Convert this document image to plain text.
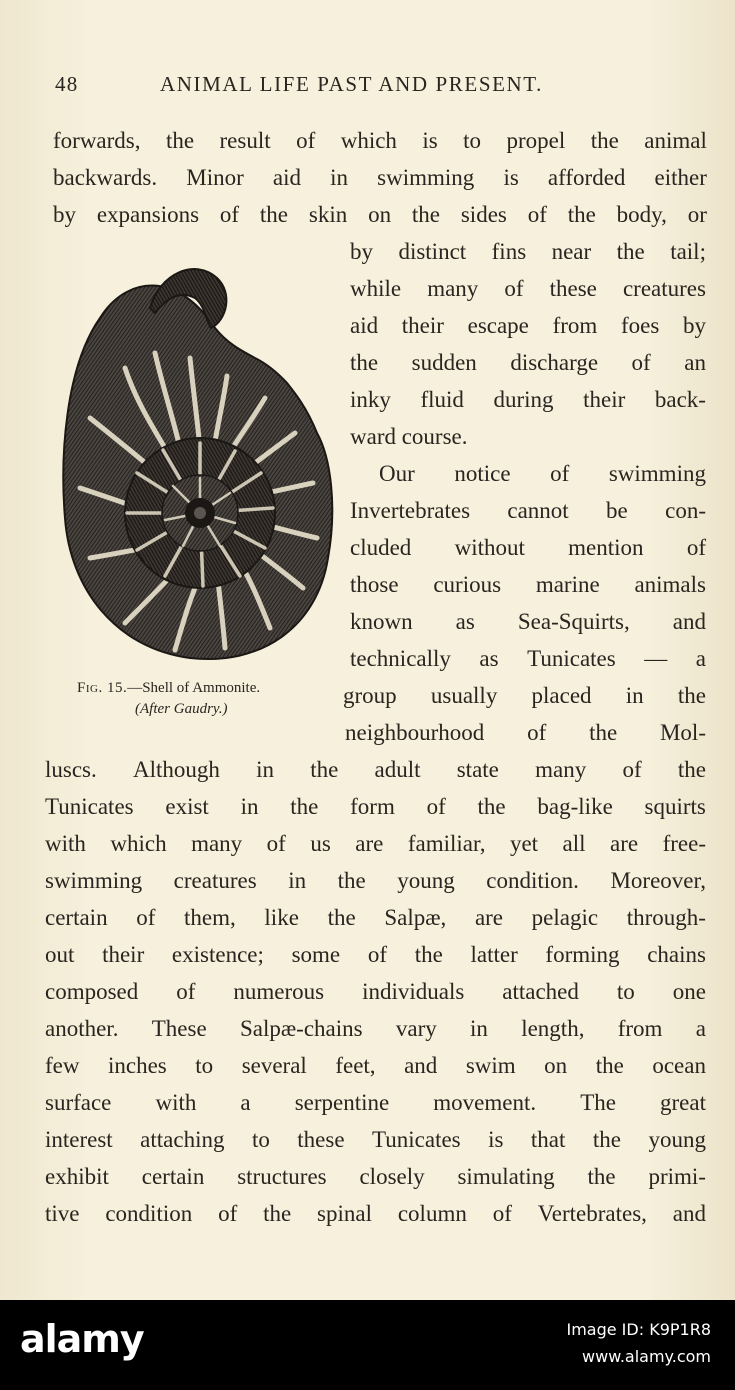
48	ANIMAL LIFE PAST AND PRESENT.
forwards, the result of which is to propel the animal
backwards. Minor aid in swimming is afforded either
by expansions of the skin on the sides of the body, or
by distinct fins near the tail;
while many of these creatures
aid their escape from foes by
the sudden discharge of an
inky fluid during their back-
ward course.
Our notice of swimming
Invertebrates cannot be con-
cluded without mention of
those curious marine animals
known as Sea-Squirts, and
technically as Tunicates — a
group usually placed in the
neighbourhood of the Mol-
luscs. Although in the adult state many of the
Tunicates exist in the form of the bag-like squirts
with which many of us are familiar, yet all are free-
swimming creatures in the young condition. Moreover,
certain of them, like the Salpæ, are pelagic through-
out their existence; some of the latter forming chains
composed of numerous individuals attached to one
another. These Salpæ-chains vary in length, from a
few inches to several feet, and swim on the ocean
surface with a serpentine movement. The great
interest attaching to these Tunicates is that the young
exhibit certain structures closely simulating the primi-
tive condition of the spinal column of Vertebrates, and
Fig. 15.—Shell of Ammonite.
(After Gaudry.)
alamy	Image ID: K9P1R8
www.alamy.com
